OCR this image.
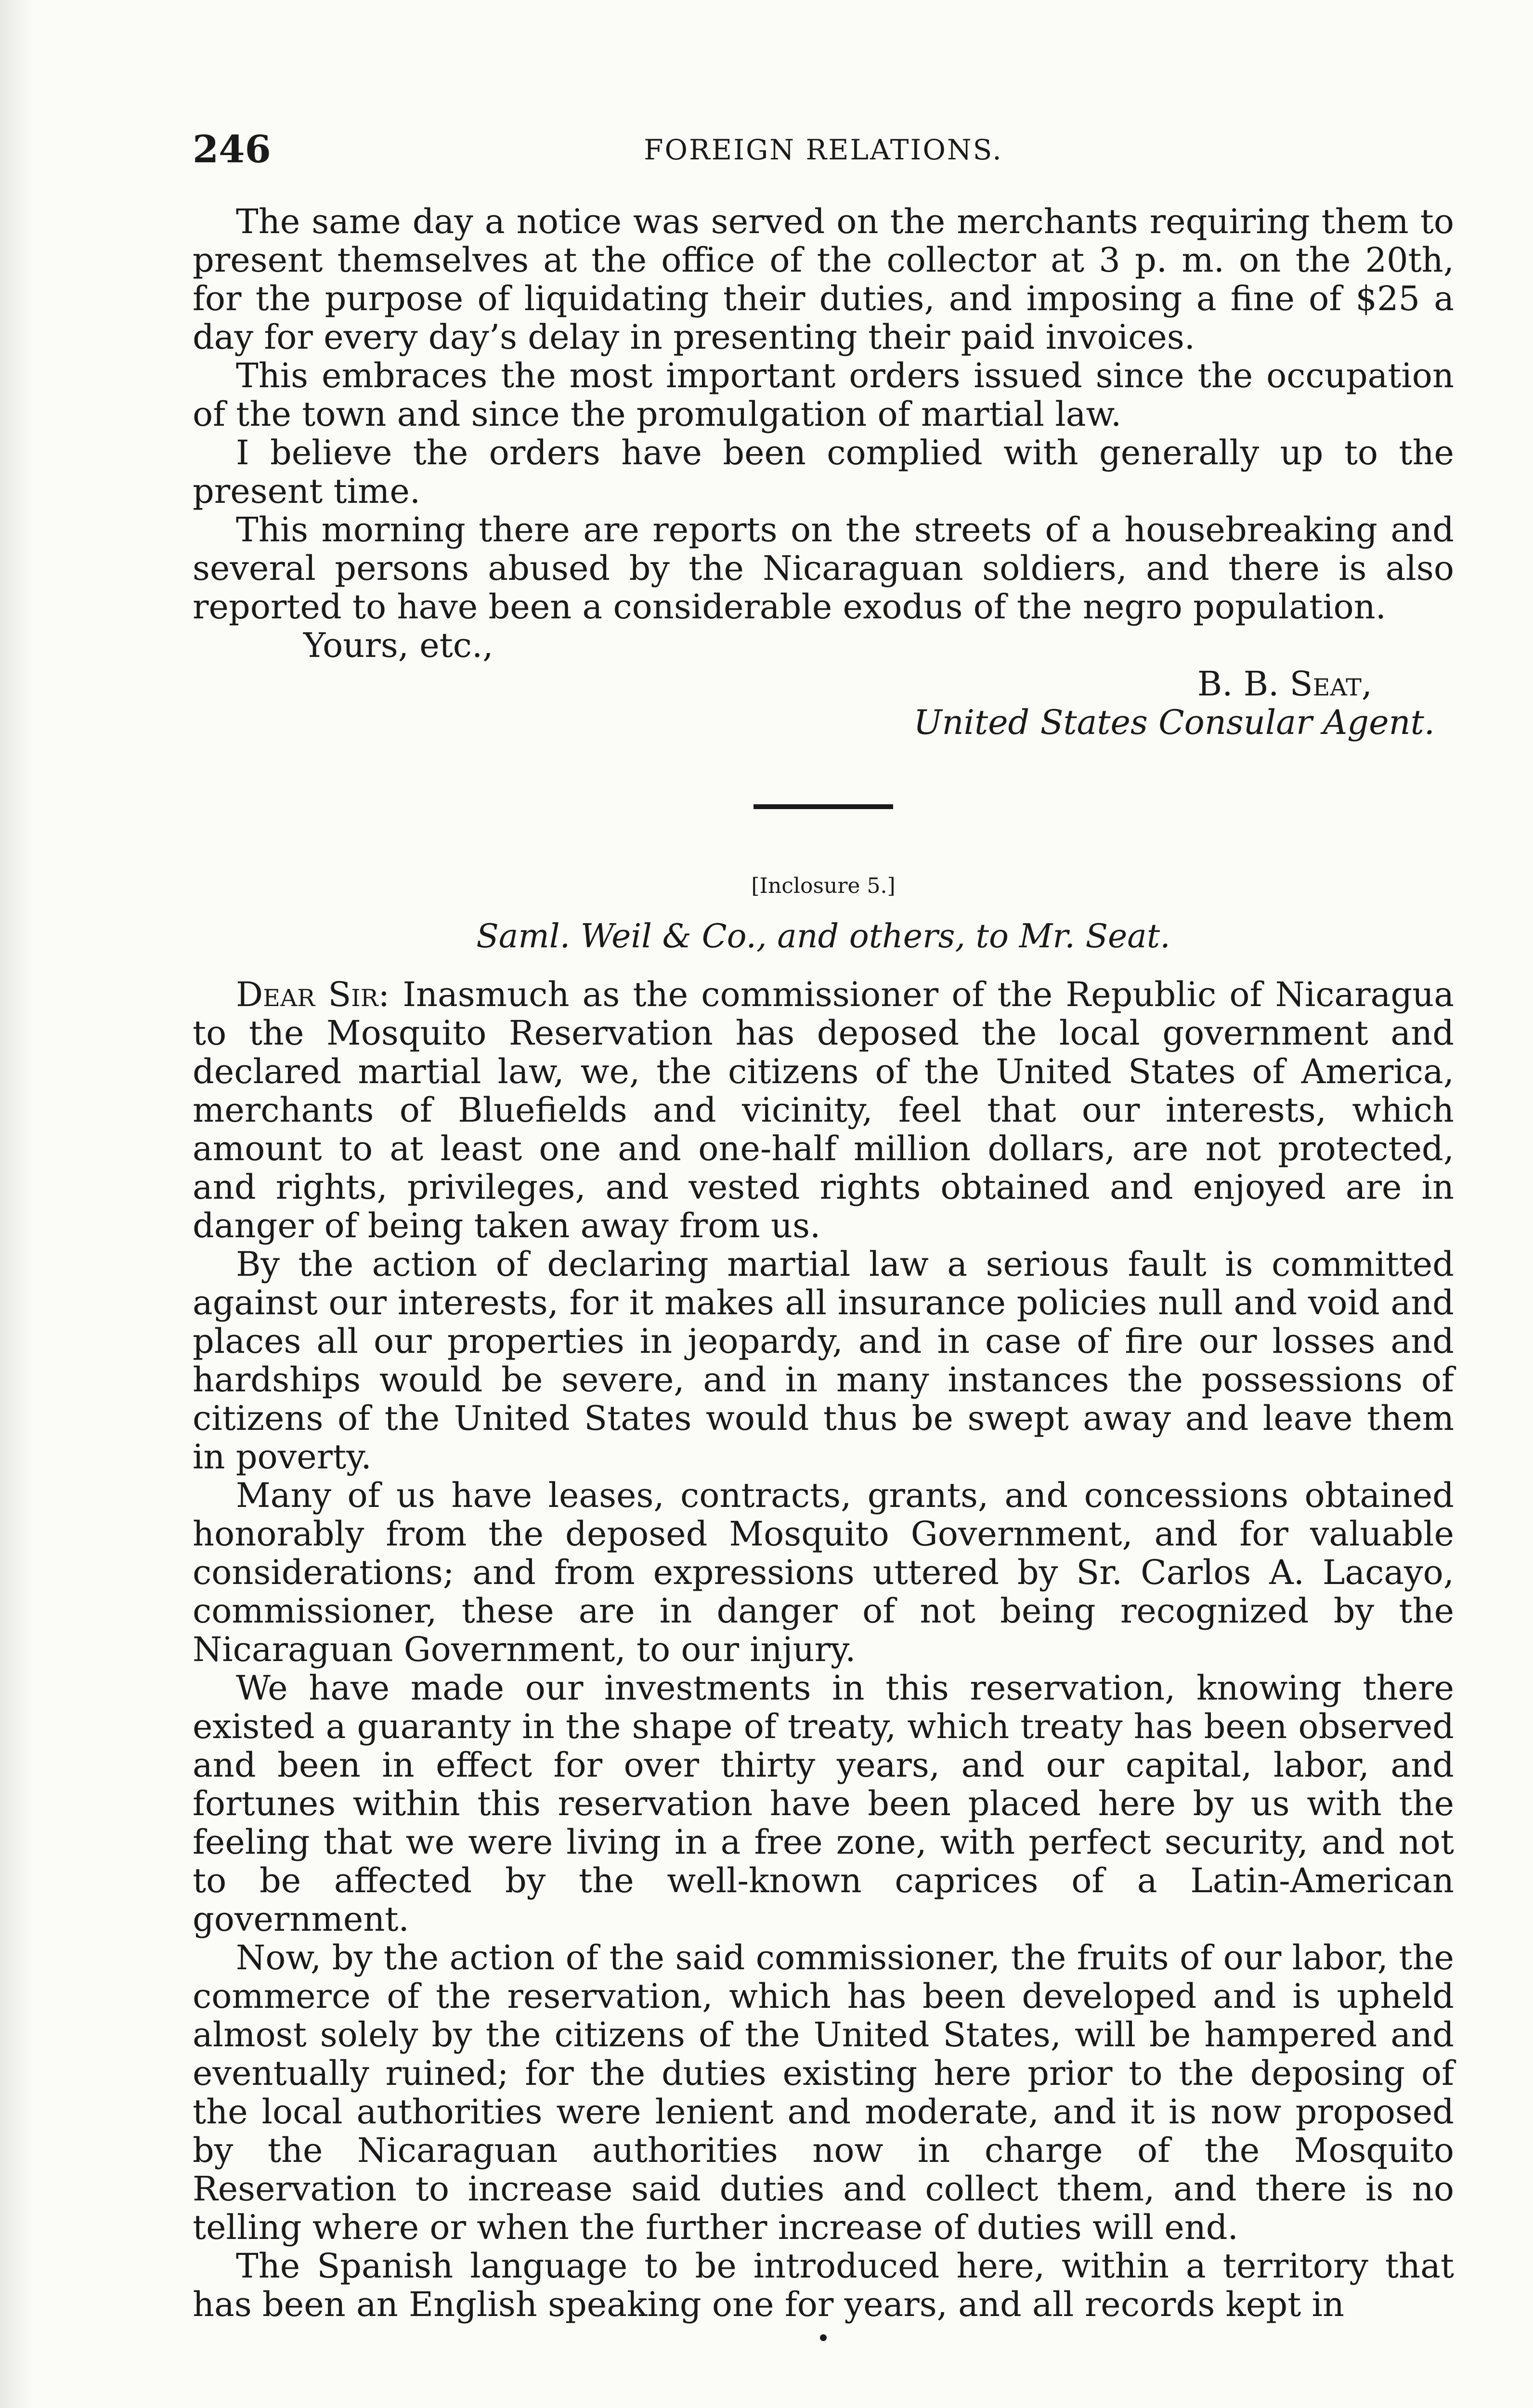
246	FOREIGN RELATIONS.

The same day a notice was served on the merchants requiring them to present themselves at the office of the collector at 3 p. m. on the 20th, for the purpose of liquidating their duties, and imposing a fine of $25 a day for every day’s delay in presenting their paid invoices.

This embraces the most important orders issued since the occupation of the town and since the promulgation of martial law.

I believe the orders have been complied with generally up to the present time.

This morning there are reports on the streets of a housebreaking and several persons abused by the Nicaraguan soldiers, and there is also reported to have been a considerable exodus of the negro population.

Yours, etc.,

B. B. Seat,

United States Consular Agent.

[Inclosure 5.]

Saml. Weil & Co., and others, to Mr. Seat.

Dear Sir: Inasmuch as the commissioner of the Republic of Nicaragua to the Mosquito Reservation has deposed the local government and declared martial law, we, the citizens of the United States of America, merchants of Bluefields and vicinity, feel that our interests, which amount to at least one and one-half million dollars, are not protected, and rights, privileges, and vested rights obtained and enjoyed are in danger of being taken away from us.

By the action of declaring martial law a serious fault is committed against our interests, for it makes all insurance policies null and void and places all our properties in jeopardy, and in case of fire our losses and hardships would be severe, and in many instances the possessions of citizens of the United States would thus be swept away and leave them in poverty.

Many of us have leases, contracts, grants, and concessions obtained honorably from the deposed Mosquito Government, and for valuable considerations; and from expressions uttered by Sr. Carlos A. Lacayo, commissioner, these are in danger of not being recognized by the Nicaraguan Government, to our injury.

We have made our investments in this reservation, knowing there existed a guaranty in the shape of treaty, which treaty has been observed and been in effect for over thirty years, and our capital, labor, and fortunes within this reservation have been placed here by us with the feeling that we were living in a free zone, with perfect security, and not to be affected by the well-known caprices of a Latin-American government.

Now, by the action of the said commissioner, the fruits of our labor, the commerce of the reservation, which has been developed and is upheld almost solely by the citizens of the United States, will be hampered and eventually ruined; for the duties existing here prior to the deposing of the local authorities were lenient and moderate, and it is now proposed by the Nicaraguan authorities now in charge of the Mosquito Reservation to increase said duties and collect them, and there is no telling where or when the further increase of duties will end.

The Spanish language to be introduced here, within a territory that has been an English speaking one for years, and all records kept in
